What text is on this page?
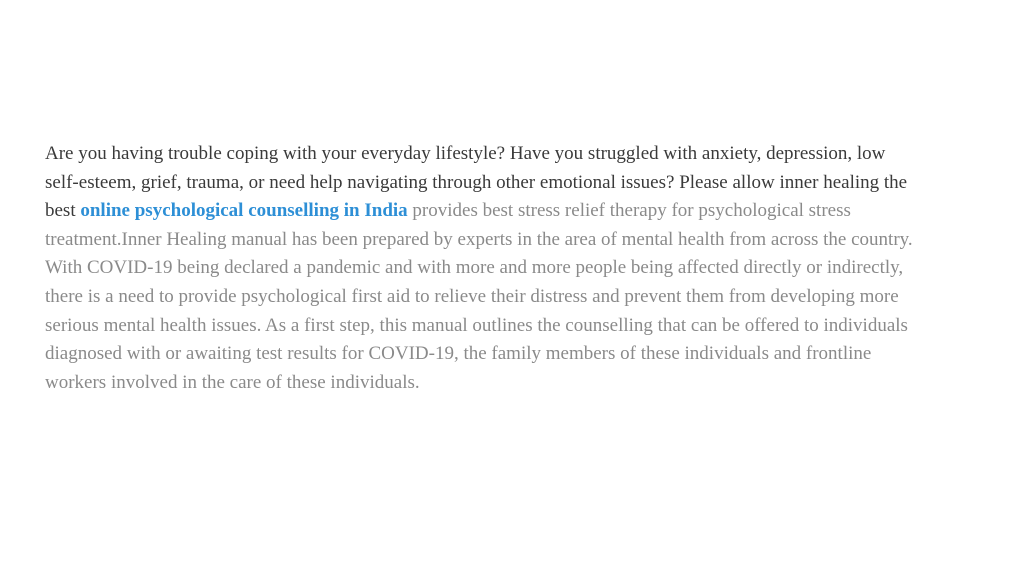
Are you having trouble coping with your everyday lifestyle? Have you struggled with anxiety, depression, low
self-esteem, grief, trauma, or need help navigating through other emotional issues? Please allow inner healing the
best online psychological counselling in India provides best stress relief therapy for psychological stress
treatment.Inner Healing manual has been prepared by experts in the area of mental health from across the country.
With COVID-19 being declared a pandemic and with more and more people being affected directly or indirectly,
there is a need to provide psychological first aid to relieve their distress and prevent them from developing more
serious mental health issues. As a first step, this manual outlines the counselling that can be offered to individuals
diagnosed with or awaiting test results for COVID-19, the family members of these individuals and frontline
workers involved in the care of these individuals.
